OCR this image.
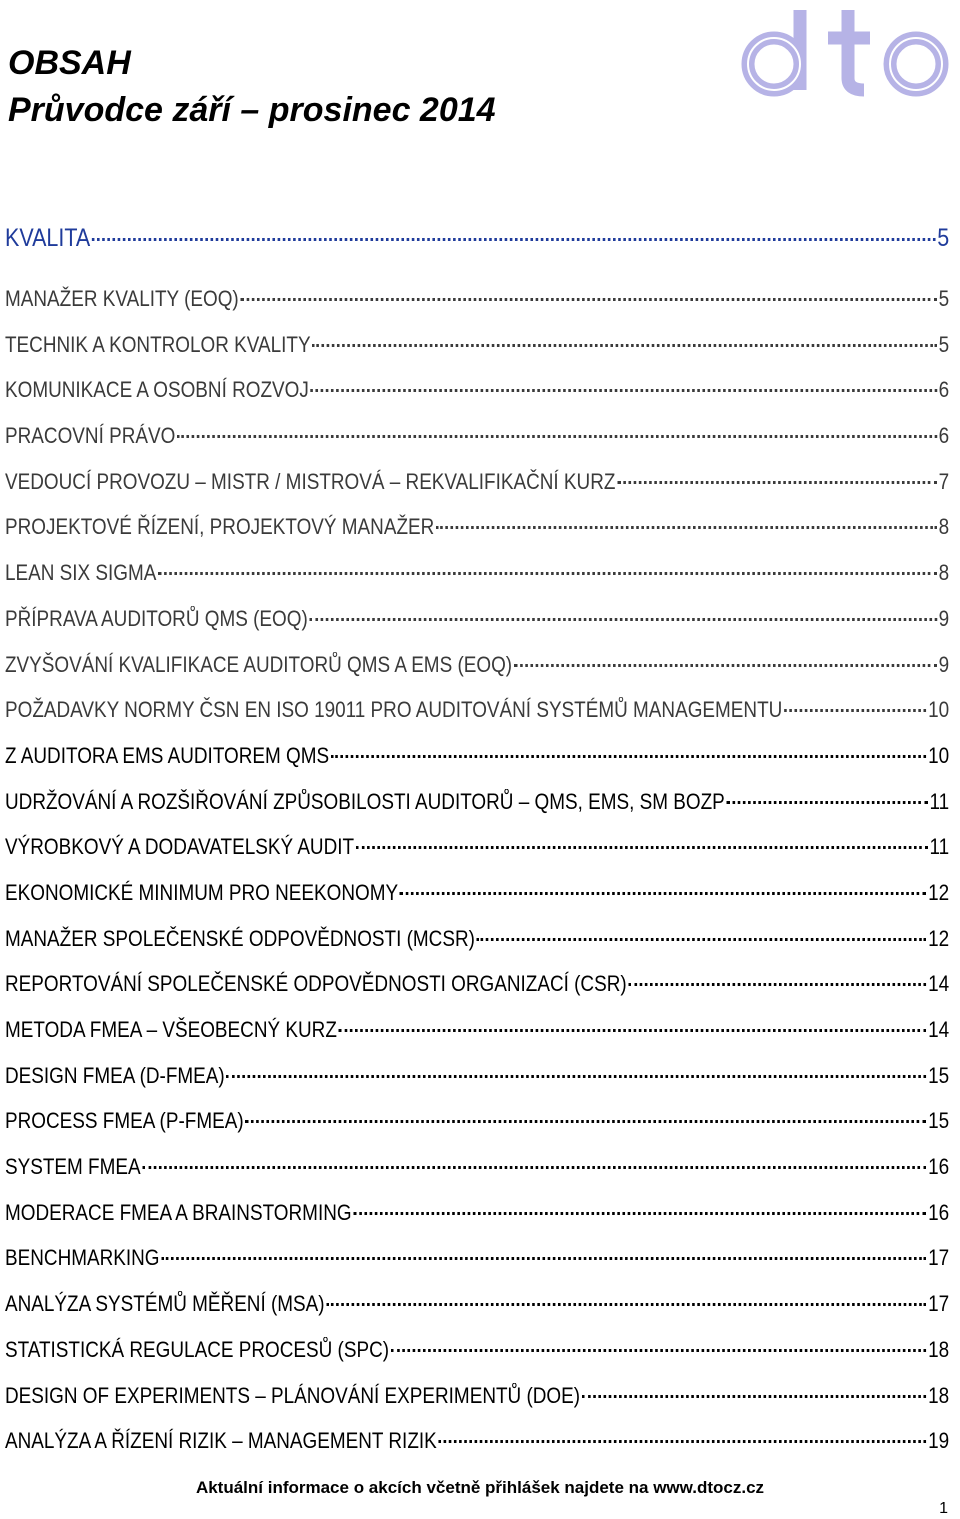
OBSAH
Průvodce září – prosinec 2014
dto
KVALITA	5
MANAŽER KVALITY (EOQ)	5
TECHNIK A KONTROLOR KVALITY	5
KOMUNIKACE A OSOBNÍ ROZVOJ	6
PRACOVNÍ PRÁVO	6
VEDOUCÍ PROVOZU – MISTR / MISTROVÁ – REKVALIFIKAČNÍ KURZ	7
PROJEKTOVÉ ŘÍZENÍ, PROJEKTOVÝ MANAŽER	8
LEAN SIX SIGMA	8
PŘÍPRAVA AUDITORŮ QMS (EOQ)	9
ZVYŠOVÁNÍ KVALIFIKACE AUDITORŮ QMS A EMS (EOQ)	9
POŽADAVKY NORMY ČSN EN ISO 19011 PRO AUDITOVÁNÍ SYSTÉMŮ MANAGEMENTU	10
Z AUDITORA EMS AUDITOREM QMS	10
UDRŽOVÁNÍ A ROZŠIŘOVÁNÍ ZPŮSOBILOSTI AUDITORŮ – QMS, EMS, SM BOZP	11
VÝROBKOVÝ A DODAVATELSKÝ AUDIT	11
EKONOMICKÉ MINIMUM PRO NEEKONOMY	12
MANAŽER SPOLEČENSKÉ ODPOVĚDNOSTI (MCSR)	12
REPORTOVÁNÍ SPOLEČENSKÉ ODPOVĚDNOSTI ORGANIZACÍ (CSR)	14
METODA FMEA – VŠEOBECNÝ KURZ	14
DESIGN FMEA (D-FMEA)	15
PROCESS FMEA (P-FMEA)	15
SYSTEM FMEA	16
MODERACE FMEA A BRAINSTORMING	16
BENCHMARKING	17
ANALÝZA SYSTÉMŮ MĚŘENÍ (MSA)	17
STATISTICKÁ REGULACE PROCESŮ (SPC)	18
DESIGN OF EXPERIMENTS – PLÁNOVÁNÍ EXPERIMENTŮ (DOE)	18
ANALÝZA A ŘÍZENÍ RIZIK – MANAGEMENT RIZIK	19
Aktuální informace o akcích včetně přihlášek najdete na www.dtocz.cz
1
